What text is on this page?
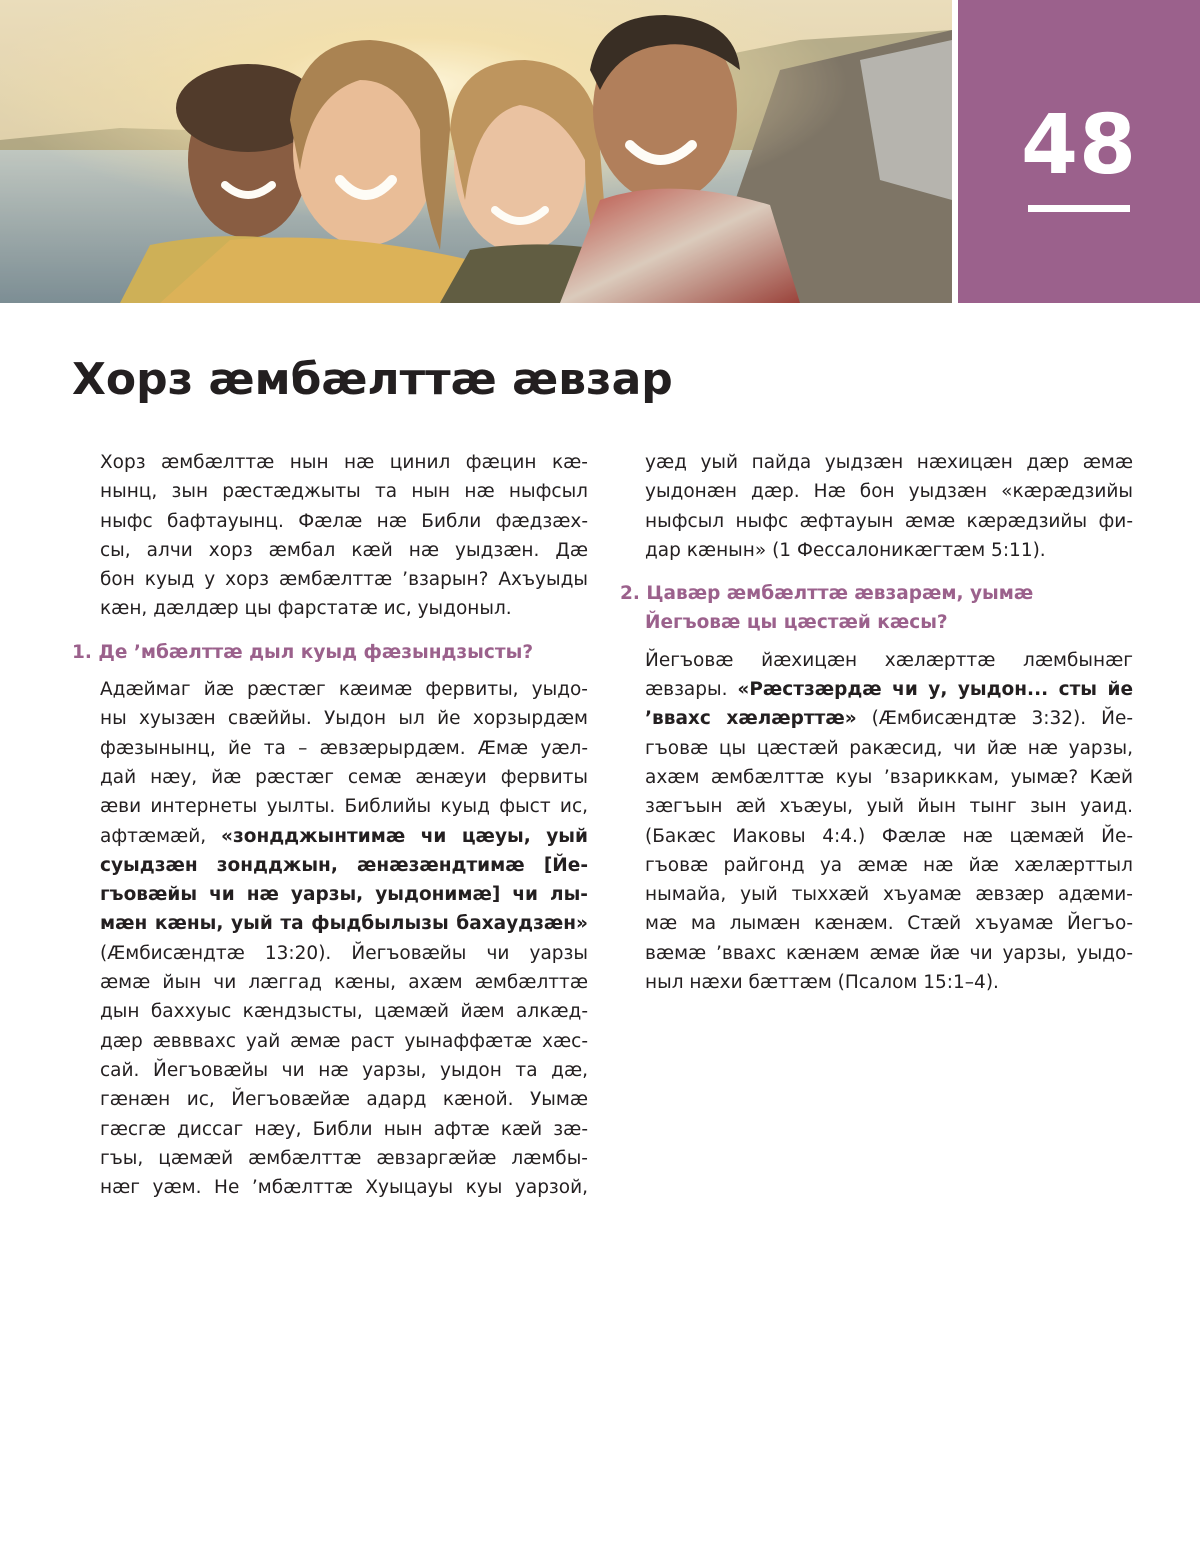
48
Хорз æмбæлттæ æвзар

Хорз æмбæлттæ нын нæ цинил фæцин кæ-

нынц, зын рæстæджыты та нын нæ ныфсыл

ныфс бафтауынц. Фæлæ нæ Библи фæдзæх-

сы, алчи хорз æмбал кæй нæ уыдзæн. Дæ

бон куыд у хорз æмбæлттæ ’взарын? Ахъуыды

кæн, дæлдæр цы фарстатæ ис, уыдоныл.

1. Де ’мбæлттæ дыл куыд фæзындзысты?

Адæймаг йæ рæстæг кæимæ фервиты, уыдо-

ны хуызæн свæййы. Уыдон ыл йе хорзырдæм

фæзынынц, йе та – æвзæрырдæм. Æмæ уæл-

дай нæу, йæ рæстæг семæ æнæуи фервиты

æви интернеты уылты. Библийы куыд фыст ис,

афтæмæй, «зондджынтимæ чи цæуы, уый

суыдзæн зондджын, æнæзæндтимæ [Йе-

гъовæйы чи нæ уарзы, уыдонимæ] чи лы-

мæн кæны, уый та фыдбылызы бахаудзæн»

(Æмбисæндтæ 13:20). Йегъовæйы чи уарзы

æмæ йын чи лæггад кæны, ахæм æмбæлттæ

дын баххуыс кæндзысты, цæмæй йæм алкæд-

дæр æвввахс уай æмæ раст уынаффæтæ хæс-

сай. Йегъовæйы чи нæ уарзы, уыдон та дæ,

гæнæн ис, Йегъовæйæ адард кæной. Уымæ

гæсгæ диссаг нæу, Библи нын афтæ кæй зæ-

гъы, цæмæй æмбæлттæ æвзаргæйæ лæмбы-

нæг уæм. Не ’мбæлттæ Хуыцауы куы уарзой,

уæд уый пайда уыдзæн нæхицæн дæр æмæ

уыдонæн дæр. Нæ бон уыдзæн «кæрæдзийы

ныфсыл ныфс æфтауын æмæ кæрæдзийы фи-

дар кæнын» (1 Фессалоникæгтæм 5:11).

2. Цавæр æмбæлттæ æвзарæм, уымæ
Йегъовæ цы цæстæй кæсы?

Йегъовæ йæхицæн хæлæрттæ лæмбынæг

æвзары. «Рæстзæрдæ чи у, уыдон... сты йе

’ввахс хæлæрттæ» (Æмбисæндтæ 3:32). Йе-

гъовæ цы цæстæй ракæсид, чи йæ нæ уарзы,

ахæм æмбæлттæ куы ’взариккам, уымæ? Кæй

зæгъын æй хъæуы, уый йын тынг зын уаид.

(Бакæс Иаковы 4:4.) Фæлæ нæ цæмæй Йе-

гъовæ райгонд уа æмæ нæ йæ хæлæрттыл

нымайа, уый тыххæй хъуамæ æвзæр адæми-

мæ ма лымæн кæнæм. Стæй хъуамæ Йегъо-

вæмæ ’ввахс кæнæм æмæ йæ чи уарзы, уыдо-

ныл нæхи бæттæм (Псалом 15:1–4).
